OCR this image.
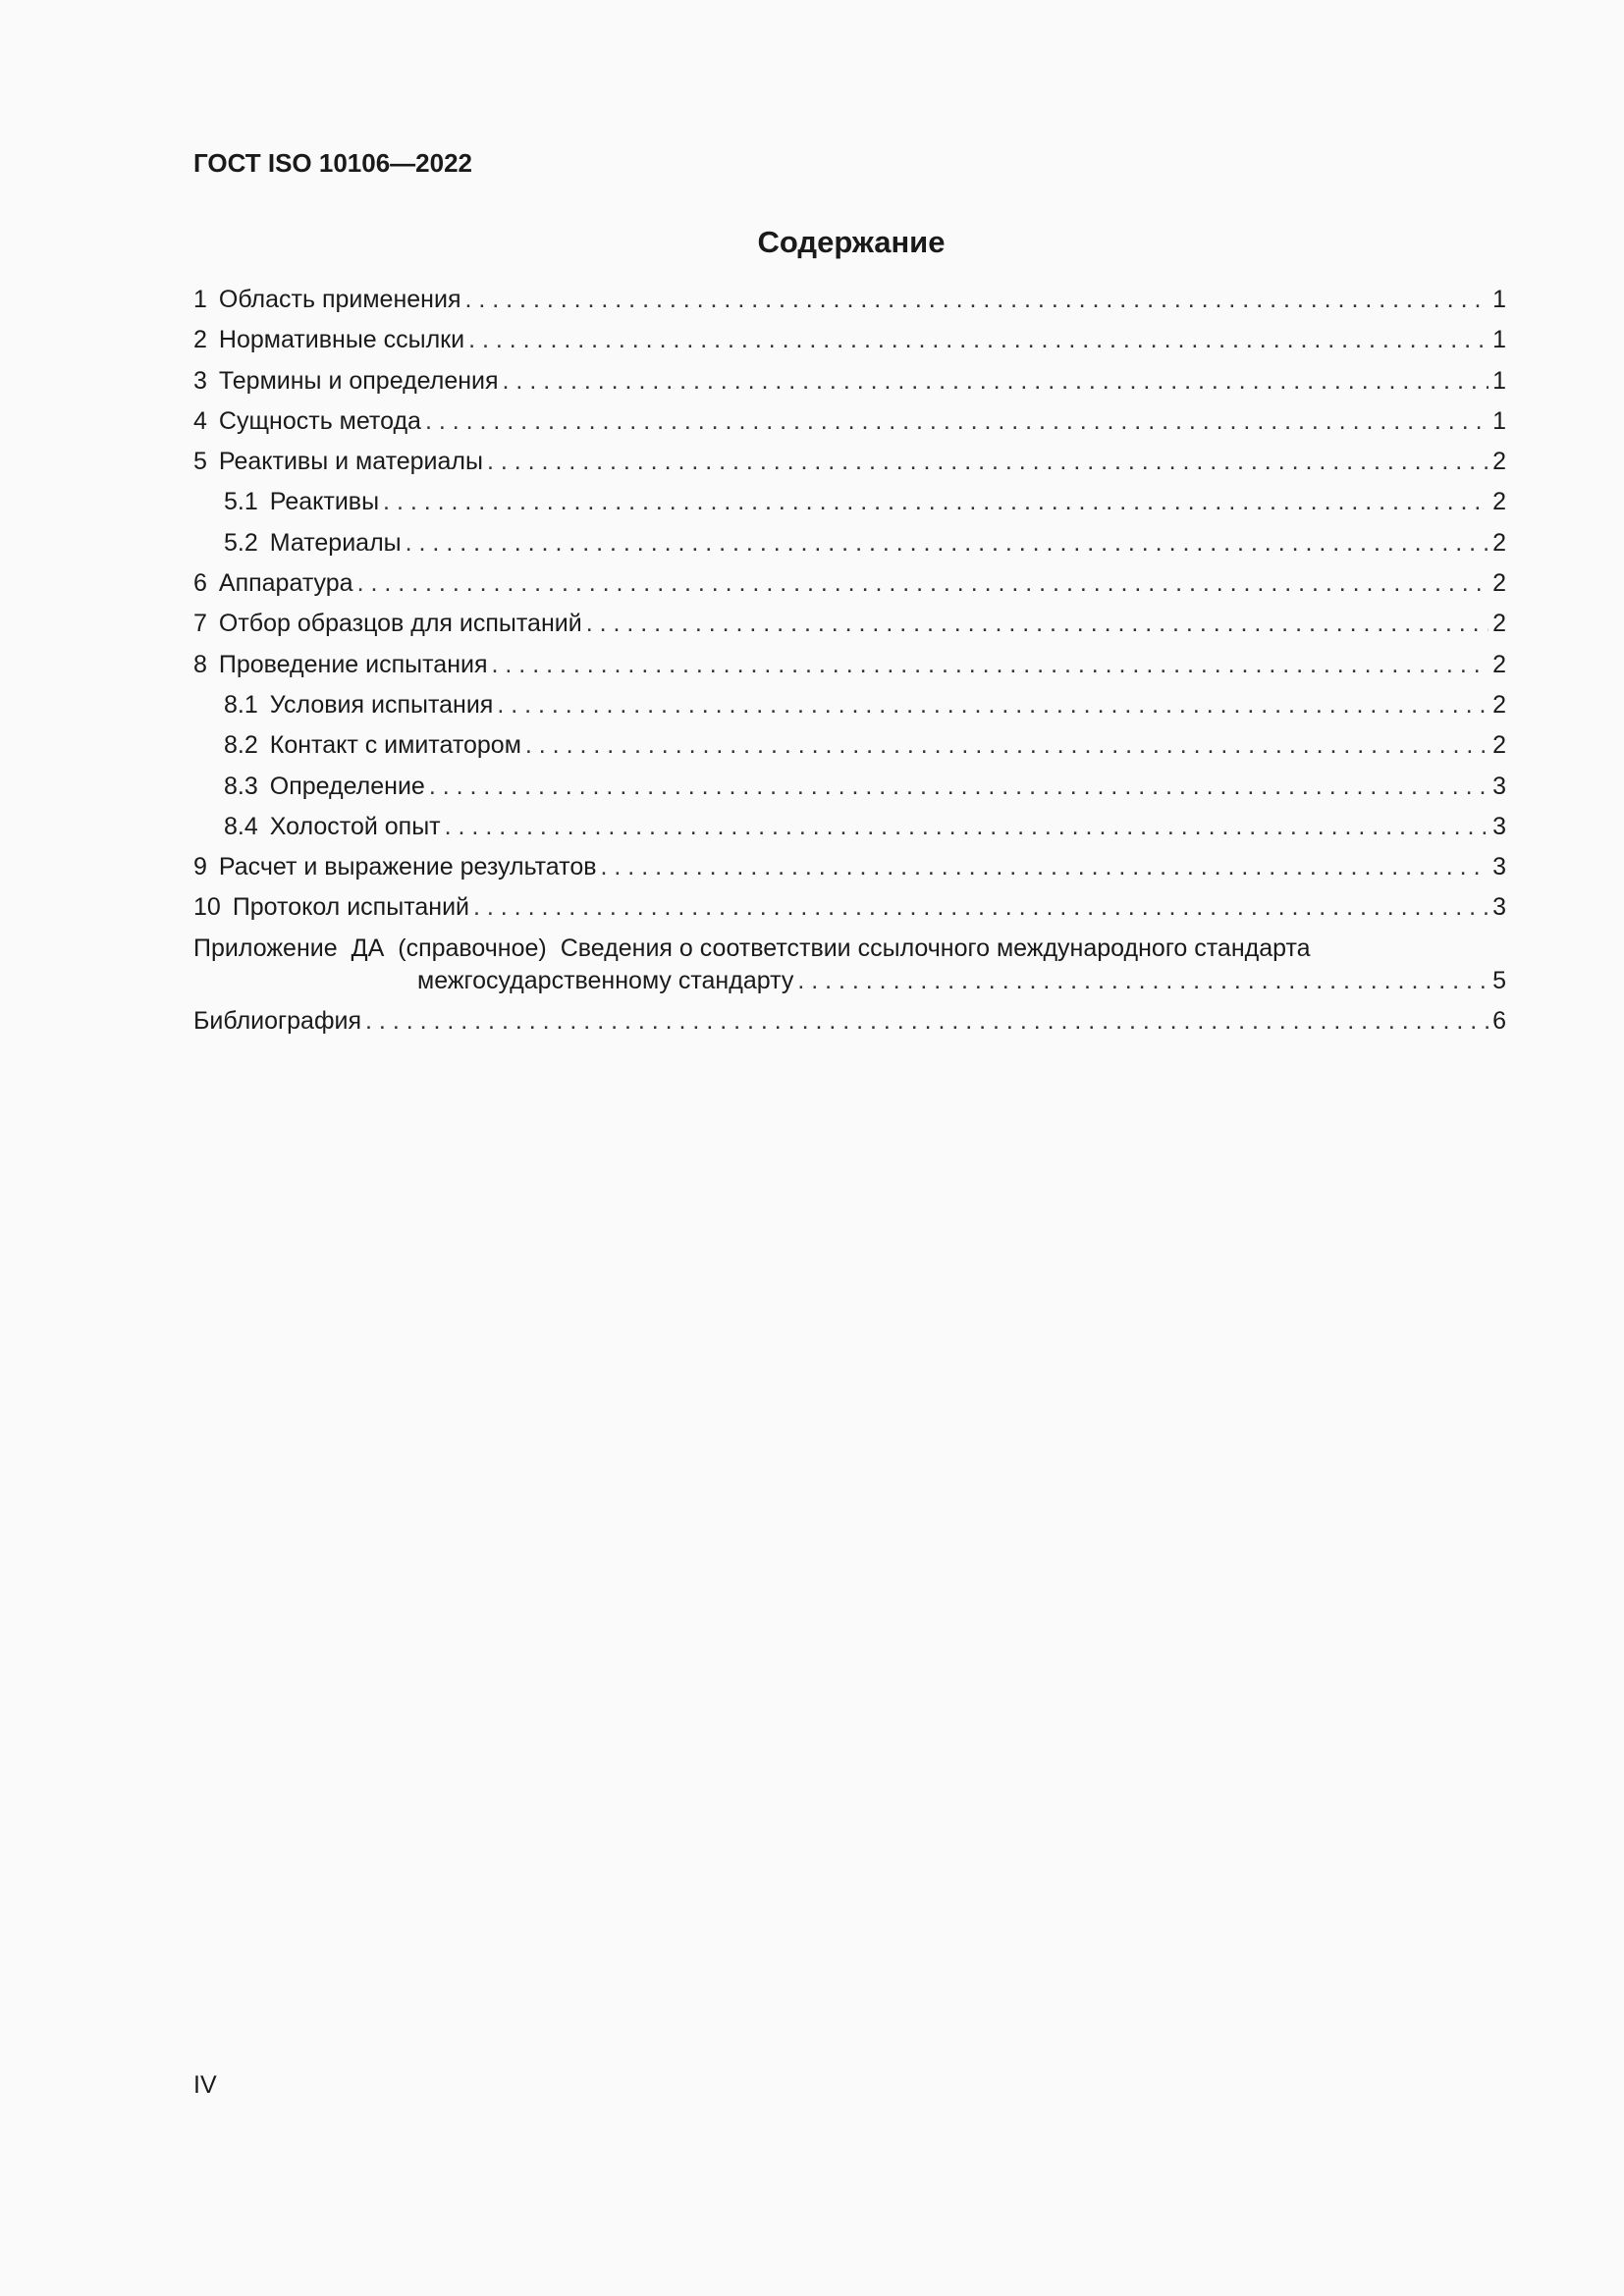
ГОСТ ISO 10106—2022
Содержание
1 Область применения . . .	1
2 Нормативные ссылки . . .	1
3 Термины и определения . . .	1
4 Сущность метода . . .	1
5 Реактивы и материалы . . .	2
5.1 Реактивы . . .	2
5.2 Материалы . . .	2
6 Аппаратура . . .	2
7 Отбор образцов для испытаний . . .	2
8 Проведение испытания . . .	2
8.1 Условия испытания . . .	2
8.2 Контакт с имитатором . . .	2
8.3 Определение . . .	3
8.4 Холостой опыт . . .	3
9 Расчет и выражение результатов . . .	3
10 Протокол испытаний . . .	3
Приложение ДА (справочное) Сведения о соответствии ссылочного международного стандарта
межгосударственному стандарту . . .	5
Библиография . . .	6
IV
